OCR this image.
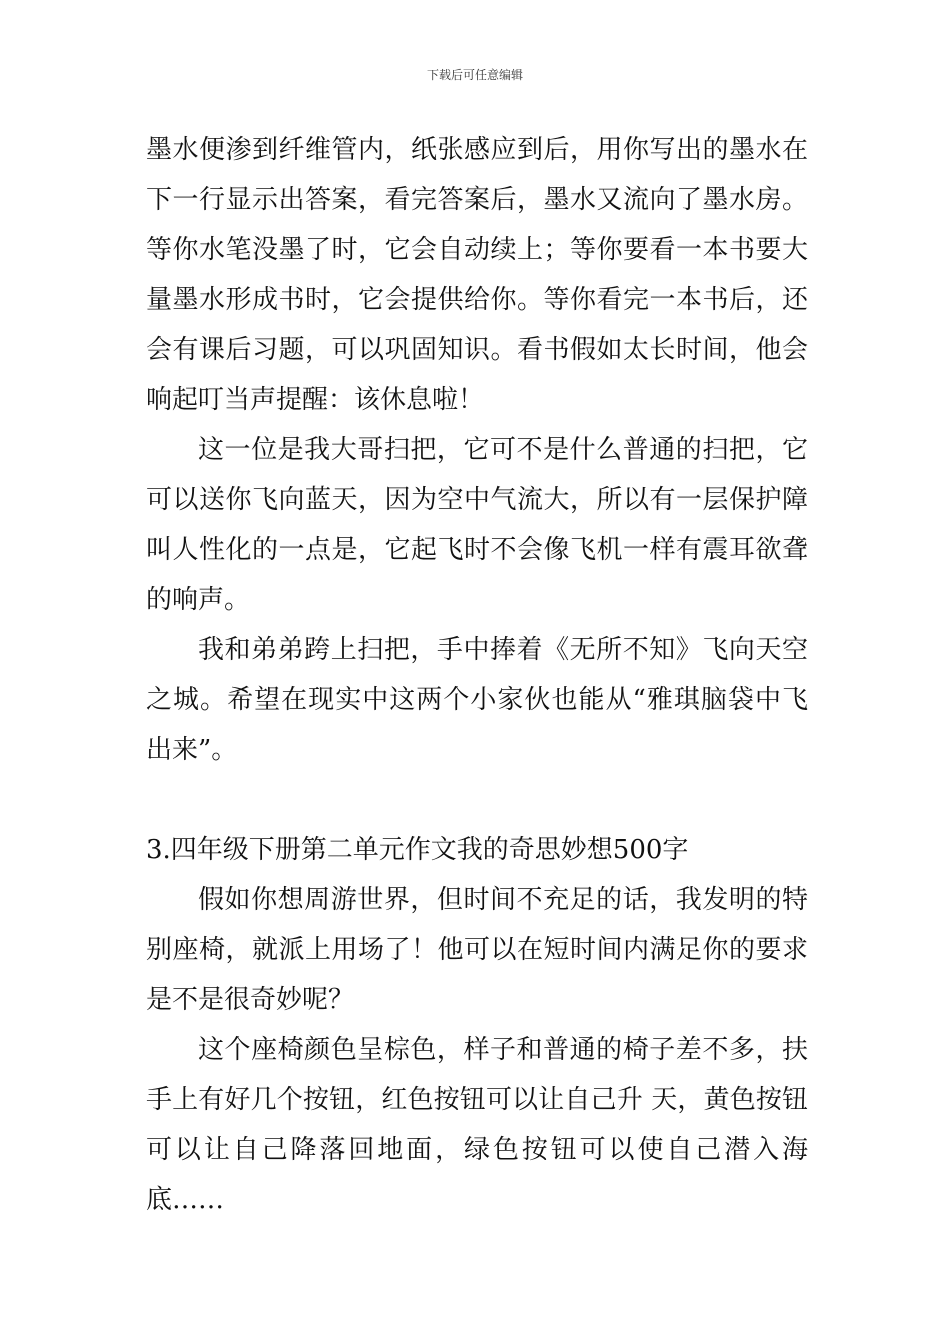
下载后可任意编辑

墨水便渗到纤维管内，纸张感应到后，用你写出的墨水在下一行显示出答案，看完答案后，墨水又流向了墨水房。等你水笔没墨了时，它会自动续上；等你要看一本书要大量墨水形成书时，它会提供给你。等你看完一本书后，还会有课后习题，可以巩固知识。看书假如太长时间，他会响起叮当声提醒：该休息啦！

这一位是我大哥扫把，它可不是什么普通的扫把，它可以送你飞向蓝天，因为空中气流大，所以有一层保护障叫人性化的一点是，它起飞时不会像飞机一样有震耳欲聋的响声。

我和弟弟跨上扫把，手中捧着《无所不知》飞向天空之城。希望在现实中这两个小家伙也能从“雅琪脑袋中飞出来”。

3.四年级下册第二单元作文我的奇思妙想500字

假如你想周游世界，但时间不充足的话，我发明的特别座椅，就派上用场了！他可以在短时间内满足你的要求是不是很奇妙呢？

这个座椅颜色呈棕色，样子和普通的椅子差不多，扶手上有好几个按钮，红色按钮可以让自己升 天，黄色按钮可以让自己降落回地面，绿色按钮可以使自己潜入海底……
